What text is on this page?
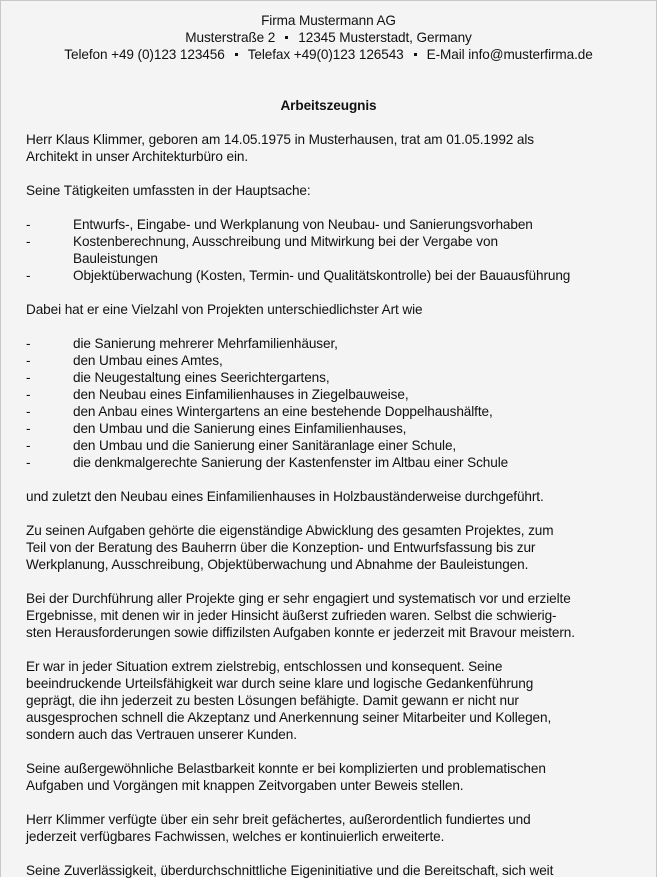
Firma Mustermann AG
Musterstraße 2 12345 Musterstadt, Germany
Telefon +49 (0)123 123456 Telefax +49(0)123 126543 E-Mail info@musterfirma.de
Arbeitszeugnis
Herr Klaus Klimmer, geboren am 14.05.1975 in Musterhausen, trat am 01.05.1992 als
Architekt in unser Architekturbüro ein.
Seine Tätigkeiten umfassten in der Hauptsache:
-	Entwurfs-, Eingabe- und Werkplanung von Neubau- und Sanierungsvorhaben
-	Kostenberechnung, Ausschreibung und Mitwirkung bei der Vergabe von
Bauleistungen
-	Objektüberwachung (Kosten, Termin- und Qualitätskontrolle) bei der Bauausführung
Dabei hat er eine Vielzahl von Projekten unterschiedlichster Art wie
-	die Sanierung mehrerer Mehrfamilienhäuser,
-	den Umbau eines Amtes,
-	die Neugestaltung eines Seerichtergartens,
-	den Neubau eines Einfamilienhauses in Ziegelbauweise,
-	den Anbau eines Wintergartens an eine bestehende Doppelhaushälfte,
-	den Umbau und die Sanierung eines Einfamilienhauses,
-	den Umbau und die Sanierung einer Sanitäranlage einer Schule,
-	die denkmalgerechte Sanierung der Kastenfenster im Altbau einer Schule
und zuletzt den Neubau eines Einfamilienhauses in Holzbauständerweise durchgeführt.
Zu seinen Aufgaben gehörte die eigenständige Abwicklung des gesamten Projektes, zum
Teil von der Beratung des Bauherrn über die Konzeption- und Entwurfsfassung bis zur
Werkplanung, Ausschreibung, Objektüberwachung und Abnahme der Bauleistungen.
Bei der Durchführung aller Projekte ging er sehr engagiert und systematisch vor und erzielte
Ergebnisse, mit denen wir in jeder Hinsicht äußerst zufrieden waren. Selbst die schwierig-
sten Herausforderungen sowie diffizilsten Aufgaben konnte er jederzeit mit Bravour meistern.
Er war in jeder Situation extrem zielstrebig, entschlossen und konsequent. Seine
beeindruckende Urteilsfähigkeit war durch seine klare und logische Gedankenführung
geprägt, die ihn jederzeit zu besten Lösungen befähigte. Damit gewann er nicht nur
ausgesprochen schnell die Akzeptanz und Anerkennung seiner Mitarbeiter und Kollegen,
sondern auch das Vertrauen unserer Kunden.
Seine außergewöhnliche Belastbarkeit konnte er bei komplizierten und problematischen
Aufgaben und Vorgängen mit knappen Zeitvorgaben unter Beweis stellen.
Herr Klimmer verfügte über ein sehr breit gefächertes, außerordentlich fundiertes und
jederzeit verfügbares Fachwissen, welches er kontinuierlich erweiterte.
Seine Zuverlässigkeit, überdurchschnittliche Eigeninitiative und die Bereitschaft, sich weit
